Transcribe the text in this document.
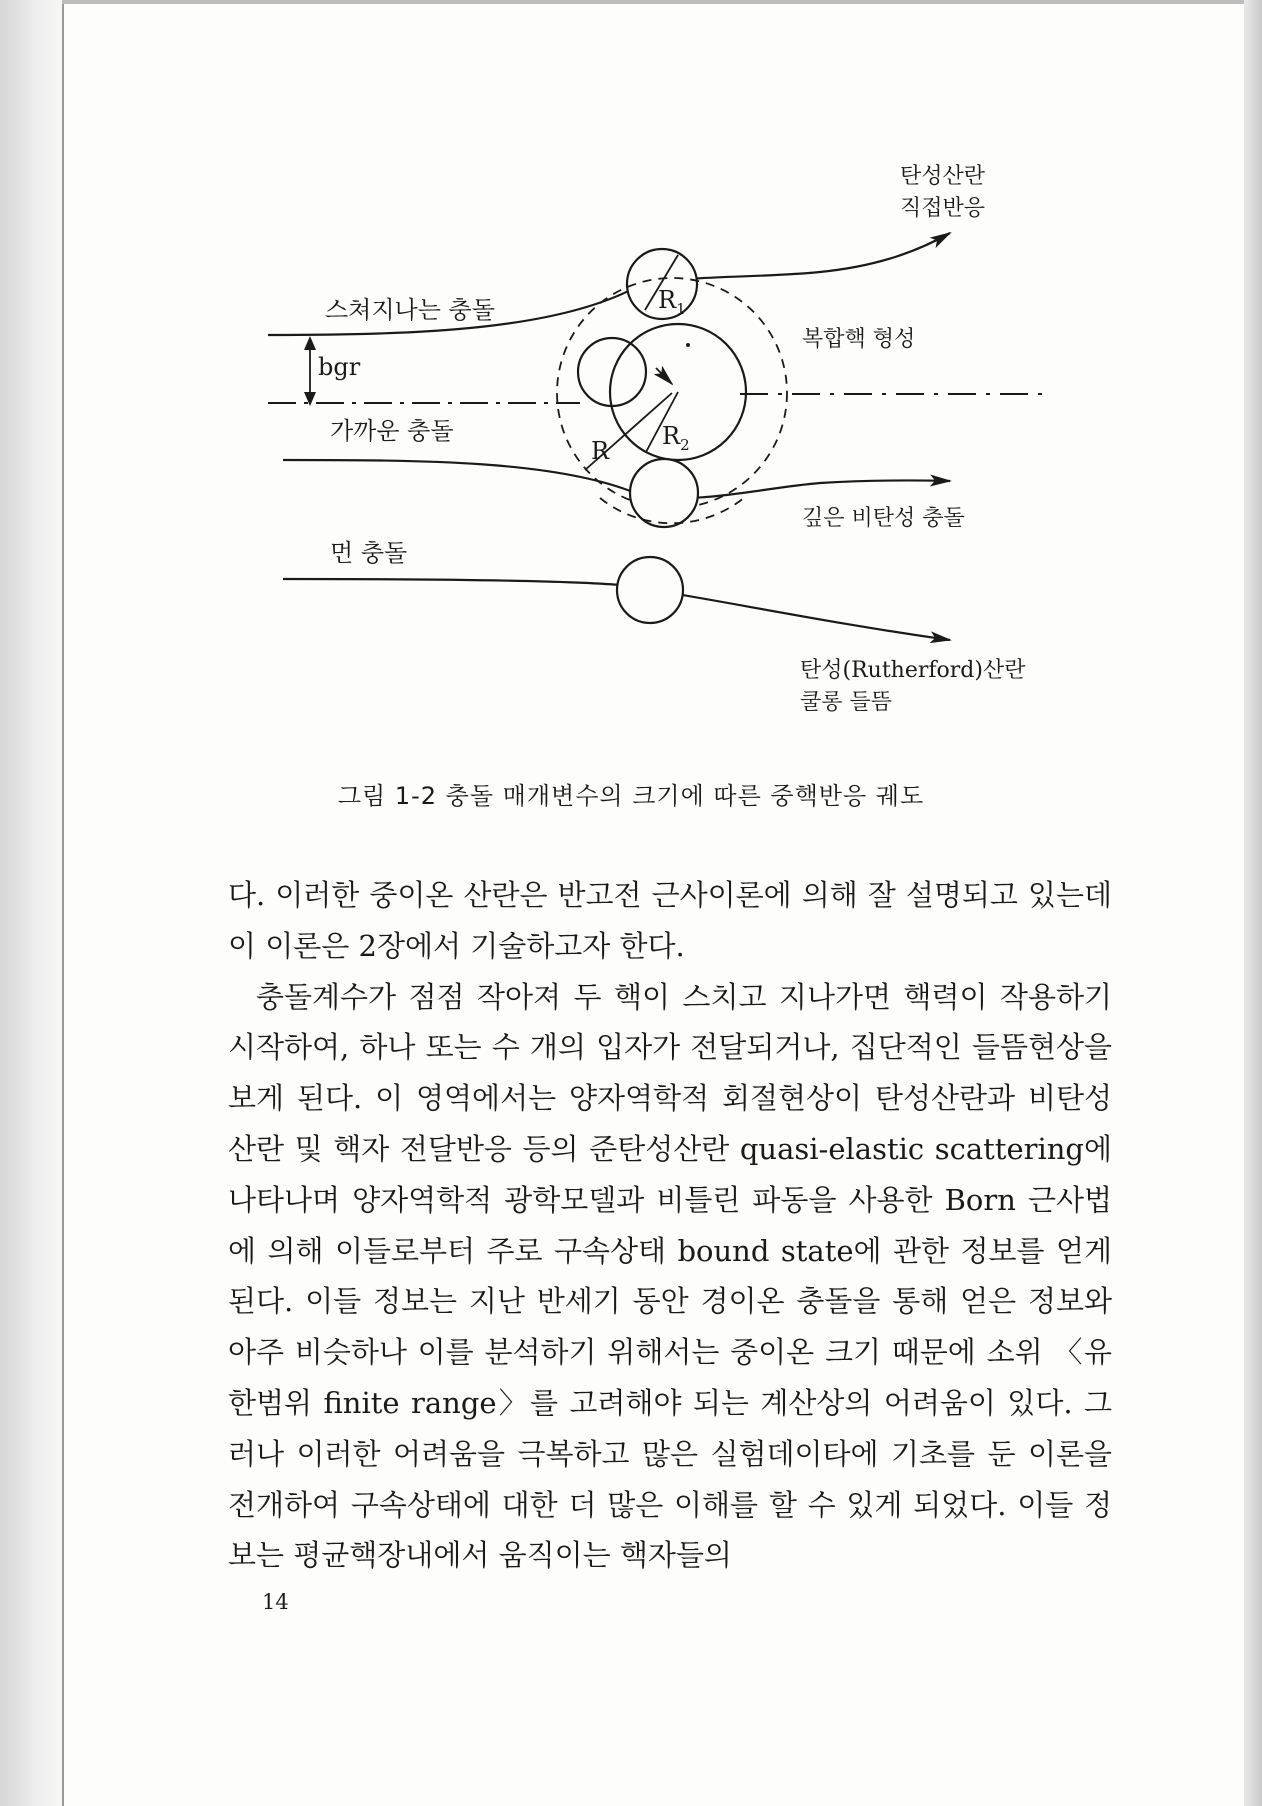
탄성산란
직접반응
스쳐지나는 충돌	$R_1$
복합핵 형성
bgr
$R_2$
R
가까운 충돌
깊은 비탄성 충돌
먼 충돌
탄성(Rutherford)산란
쿨롱 들뜸
그림 1-2 충돌 매개변수의 크기에 따른 중핵반응 궤도

다. 이러한 중이온 산란은 반고전 근사이론에 의해 잘 설명되고 있는데 이 이론은 2장에서 기술하고자 한다.

충돌계수가 점점 작아져 두 핵이 스치고 지나가면 핵력이 작용하기 시작하여, 하나 또는 수 개의 입자가 전달되거나, 집단적인 들뜸현상을 보게 된다. 이 영역에서는 양자역학적 회절현상이 탄성산란과 비탄성산란 및 핵자 전달반응 등의 준탄성산란 quasi-elastic scattering에 나타나며 양자역학적 광학모델과 비틀린 파동을 사용한 Born 근사법에 의해 이들로부터 주로 구속상태 bound state에 관한 정보를 얻게 된다. 이들 정보는 지난 반세기 동안 경이온 충돌을 통해 얻은 정보와 아주 비슷하나 이를 분석하기 위해서는 중이온 크기 때문에 소위 〈유한범위 finite range〉를 고려해야 되는 계산상의 어려움이 있다. 그러나 이러한 어려움을 극복하고 많은 실험데이타에 기초를 둔 이론을 전개하여 구속상태에 대한 더 많은 이해를 할 수 있게 되었다. 이들 정보는 평균핵장내에서 움직이는 핵자들의

14
